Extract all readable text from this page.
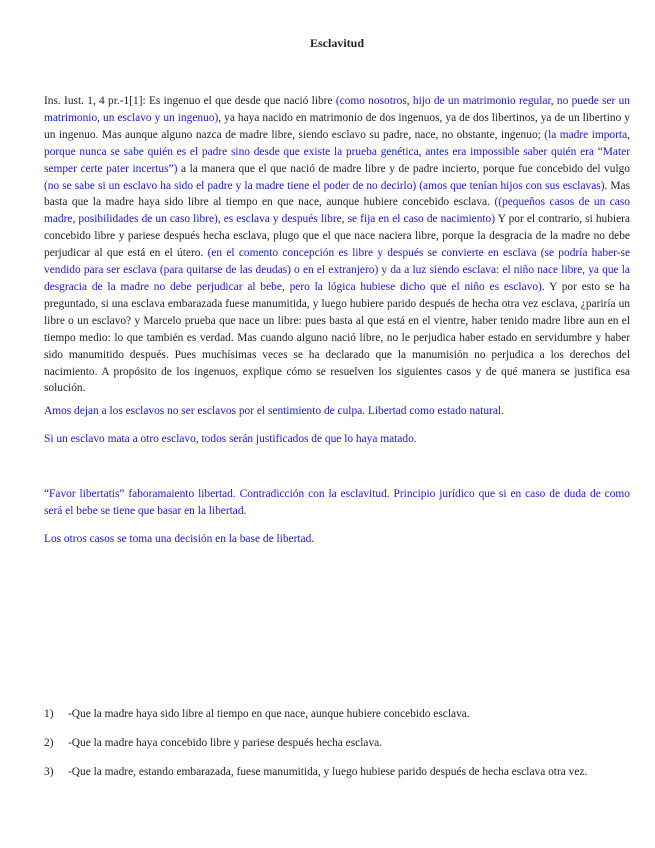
Esclavitud

Ins. Iust. 1, 4 pr.-1[1]: Es ingenuo el que desde que nació libre (como nosotros, hijo de un matrimonio regular, no puede ser un matrimonio, un esclavo y un ingenuo), ya haya nacido en matrimonio de dos ingenuos, ya de dos libertinos, ya de un libertino y un ingenuo. Mas aunque alguno nazca de madre libre, siendo esclavo su padre, nace, no obstante, ingenuo; (la madre importa, porque nunca se sabe quién es el padre sino desde que existe la prueba genética, antes era impossible saber quién era “Mater semper certe pater incertus”) a la manera que el que nació de madre libre y de padre incierto, porque fue concebido del vulgo (no se sabe si un esclavo ha sido el padre y la madre tiene el poder de no decirlo) (amos que tenían hijos con sus esclavas). Mas basta que la madre haya sido libre al tiempo en que nace, aunque hubiere concebido esclava. ((pequeños casos de un caso madre, posibilidades de un caso libre), es esclava y después libre, se fija en el caso de nacimiento) Y por el contrario, si hubiera concebido libre y pariese después hecha esclava, plugo que el que nace naciera libre, porque la desgracia de la madre no debe perjudicar al que está en el útero. (en el comento concepción es libre y después se convierte en esclava (se podría haber-se vendido para ser esclava (para quitarse de las deudas) o en el extranjero) y da a luz siendo esclava: el niño nace libre, ya que la desgracia de la madre no debe perjudicar al bebe, pero la lógica hubiese dicho que el niño es esclavo). Y por esto se ha preguntado, si una esclava embarazada fuese manumitida, y luego hubiere parido después de hecha otra vez esclava, ¿pariría un libre o un esclavo? y Marcelo prueba que nace un libre: pues basta al que está en el vientre, haber tenido madre libre aun en el tiempo medio: lo que también es verdad. Mas cuando alguno nació libre, no le perjudica haber estado en servidumbre y haber sido manumitido después. Pues muchísimas veces se ha declarado que la manumisión no perjudica a los derechos del nacimiento. A propósito de los ingenuos, explique cómo se resuelven los siguientes casos y de qué manera se justifica esa solución.

Amos dejan a los esclavos no ser esclavos por el sentimiento de culpa. Libertad como estado natural.

Si un esclavo mata a otro esclavo, todos serán justificados de que lo haya matado.

“Favor libertatis” faboramaiento libertad. Contradicción con la esclavitud. Principio jurídico que si en caso de duda de como será el bebe se tiene que basar en la libertad.

Los otros casos se toma una decisión en la base de libertad.

1)	-Que la madre haya sido libre al tiempo en que nace, aunque hubiere concebido esclava.
2)	-Que la madre haya concebido libre y pariese después hecha esclava.
3)	-Que la madre, estando embarazada, fuese manumitida, y luego hubiese parido después de hecha esclava otra vez.
